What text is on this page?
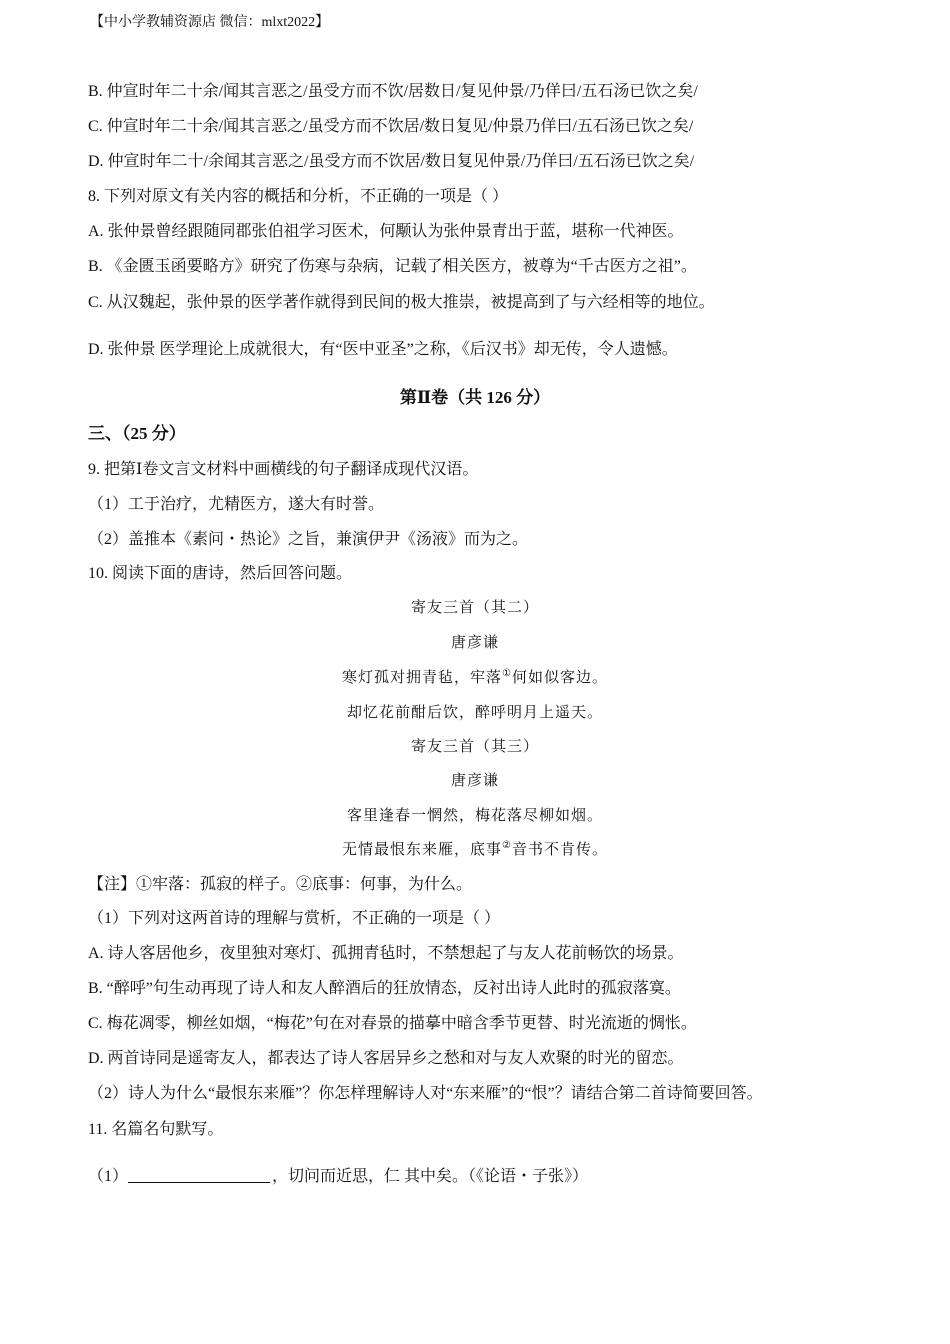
【中小学教辅资源店 微信：mlxt2022】
B. 仲宣时年二十余/闻其言恶之/虽受方而不饮/居数日/复见仲景/乃佯曰/五石汤已饮之矣/
C. 仲宣时年二十余/闻其言恶之/虽受方而不饮居/数日复见/仲景乃佯曰/五石汤已饮之矣/
D. 仲宣时年二十/余闻其言恶之/虽受方而不饮居/数日复见仲景/乃佯曰/五石汤已饮之矣/
8. 下列对原文有关内容的概括和分析，不正确的一项是（ ）
A. 张仲景曾经跟随同郡张伯祖学习医术，何颙认为张仲景青出于蓝，堪称一代神医。
B. 《金匮玉函要略方》研究了伤寒与杂病，记载了相关医方，被尊为“千古医方之祖”。
C. 从汉魏起，张仲景的医学著作就得到民间的极大推崇，被提高到了与六经相等的地位。
D. 张仲景 医学理论上成就很大，有“医中亚圣”之称，《后汉书》却无传，令人遗憾。
第Ⅱ卷（共 126 分）
三、（25 分）
9. 把第Ⅰ卷文言文材料中画横线的句子翻译成现代汉语。
（1）工于治疗，尤精医方，遂大有时誉。
（2）盖推本《素问・热论》之旨，兼演伊尹《汤液》而为之。
10. 阅读下面的唐诗，然后回答问题。
寄友三首（其二）
唐彦谦
寒灯孤对拥青毡，牢落①何如似客边。
却忆花前酣后饮，醉呼明月上遥天。
寄友三首（其三）
唐彦谦
客里逢春一惘然，梅花落尽柳如烟。
无情最恨东来雁，底事②音书不肯传。
【注】①牢落：孤寂的样子。②底事：何事，为什么。
（1）下列对这两首诗的理解与赏析，不正确的一项是（ ）
A. 诗人客居他乡，夜里独对寒灯、孤拥青毡时，不禁想起了与友人花前畅饮的场景。
B. “醉呼”句生动再现了诗人和友人醉酒后的狂放情态，反衬出诗人此时的孤寂落寞。
C. 梅花凋零，柳丝如烟，“梅花”句在对春景的描摹中暗含季节更替、时光流逝的惆怅。
D. 两首诗同是遥寄友人，都表达了诗人客居异乡之愁和对与友人欢聚的时光的留恋。
（2）诗人为什么“最恨东来雁”？你怎样理解诗人对“东来雁”的“恨”？请结合第二首诗简要回答。
11. 名篇名句默写。
（1）	，切问而近思，仁 其中矣。（《论语・子张》）
